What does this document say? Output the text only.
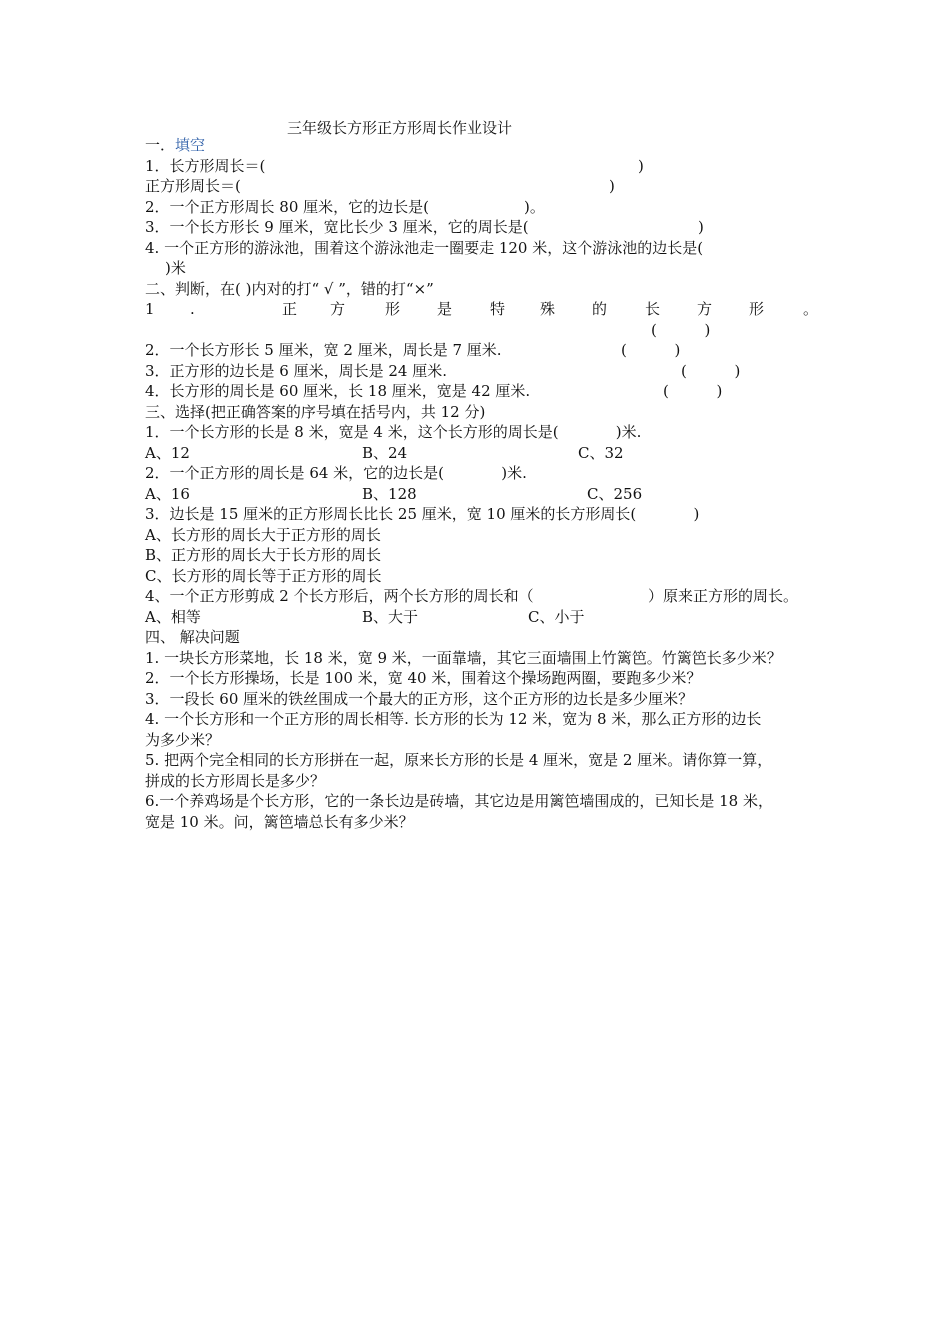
三年级长方形正方形周长作业设计
一．填空
1．长方形周长＝(	)
正方形周长＝(	)
2．一个正方形周长 80 厘米，它的边长是(	)。
3．一个长方形长 9 厘米，宽比长少 3 厘米，它的周长是(	)
4. 一个正方形的游泳池，围着这个游泳池走一圈要走 120 米，这个游泳池的边长是(
)米
二、判断，在( )内对的打“ √ ”，错的打“×”
1 .	正 方	形 是	特 殊 的	长 方 形	。
(          )
2．一个长方形长 5 厘米，宽 2 厘米，周长是 7 厘米.	(          )
3．正方形的边长是 6 厘米，周长是 24 厘米.	(          )
4．长方形的周长是 60 厘米，长 18 厘米，宽是 42 厘米.	(          )
三、选择(把正确答案的序号填在括号内，共 12 分)
1．一个长方形的长是 8 米，宽是 4 米，这个长方形的周长是(            )米.
A、12	B、24	C、32
2．一个正方形的周长是 64 米，它的边长是(            )米.
A、16	B、128	C、256
3．边长是 15 厘米的正方形周长比长 25 厘米，宽 10 厘米的长方形周长(            )
A、长方形的周长大于正方形的周长
B、正方形的周长大于长方形的周长
C、长方形的周长等于正方形的周长
4、一个正方形剪成 2 个长方形后，两个长方形的周长和（	）原来正方形的周长。
A、相等	B、大于	C、小于
四、 解决问题
1. 一块长方形菜地，长 18 米，宽 9 米，一面靠墙，其它三面墙围上竹篱笆。竹篱笆长多少米？
2．一个长方形操场，长是 100 米，宽 40 米，围着这个操场跑两圈，要跑多少米？
3．一段长 60 厘米的铁丝围成一个最大的正方形，这个正方形的边长是多少厘米？
4. 一个长方形和一个正方形的周长相等. 长方形的长为 12 米，宽为 8 米，那么正方形的边长
为多少米？
5. 把两个完全相同的长方形拼在一起，原来长方形的长是 4 厘米，宽是 2 厘米。请你算一算，
拼成的长方形周长是多少？
6.一个养鸡场是个长方形，它的一条长边是砖墙，其它边是用篱笆墙围成的，已知长是 18 米，
宽是 10 米。问，篱笆墙总长有多少米？
